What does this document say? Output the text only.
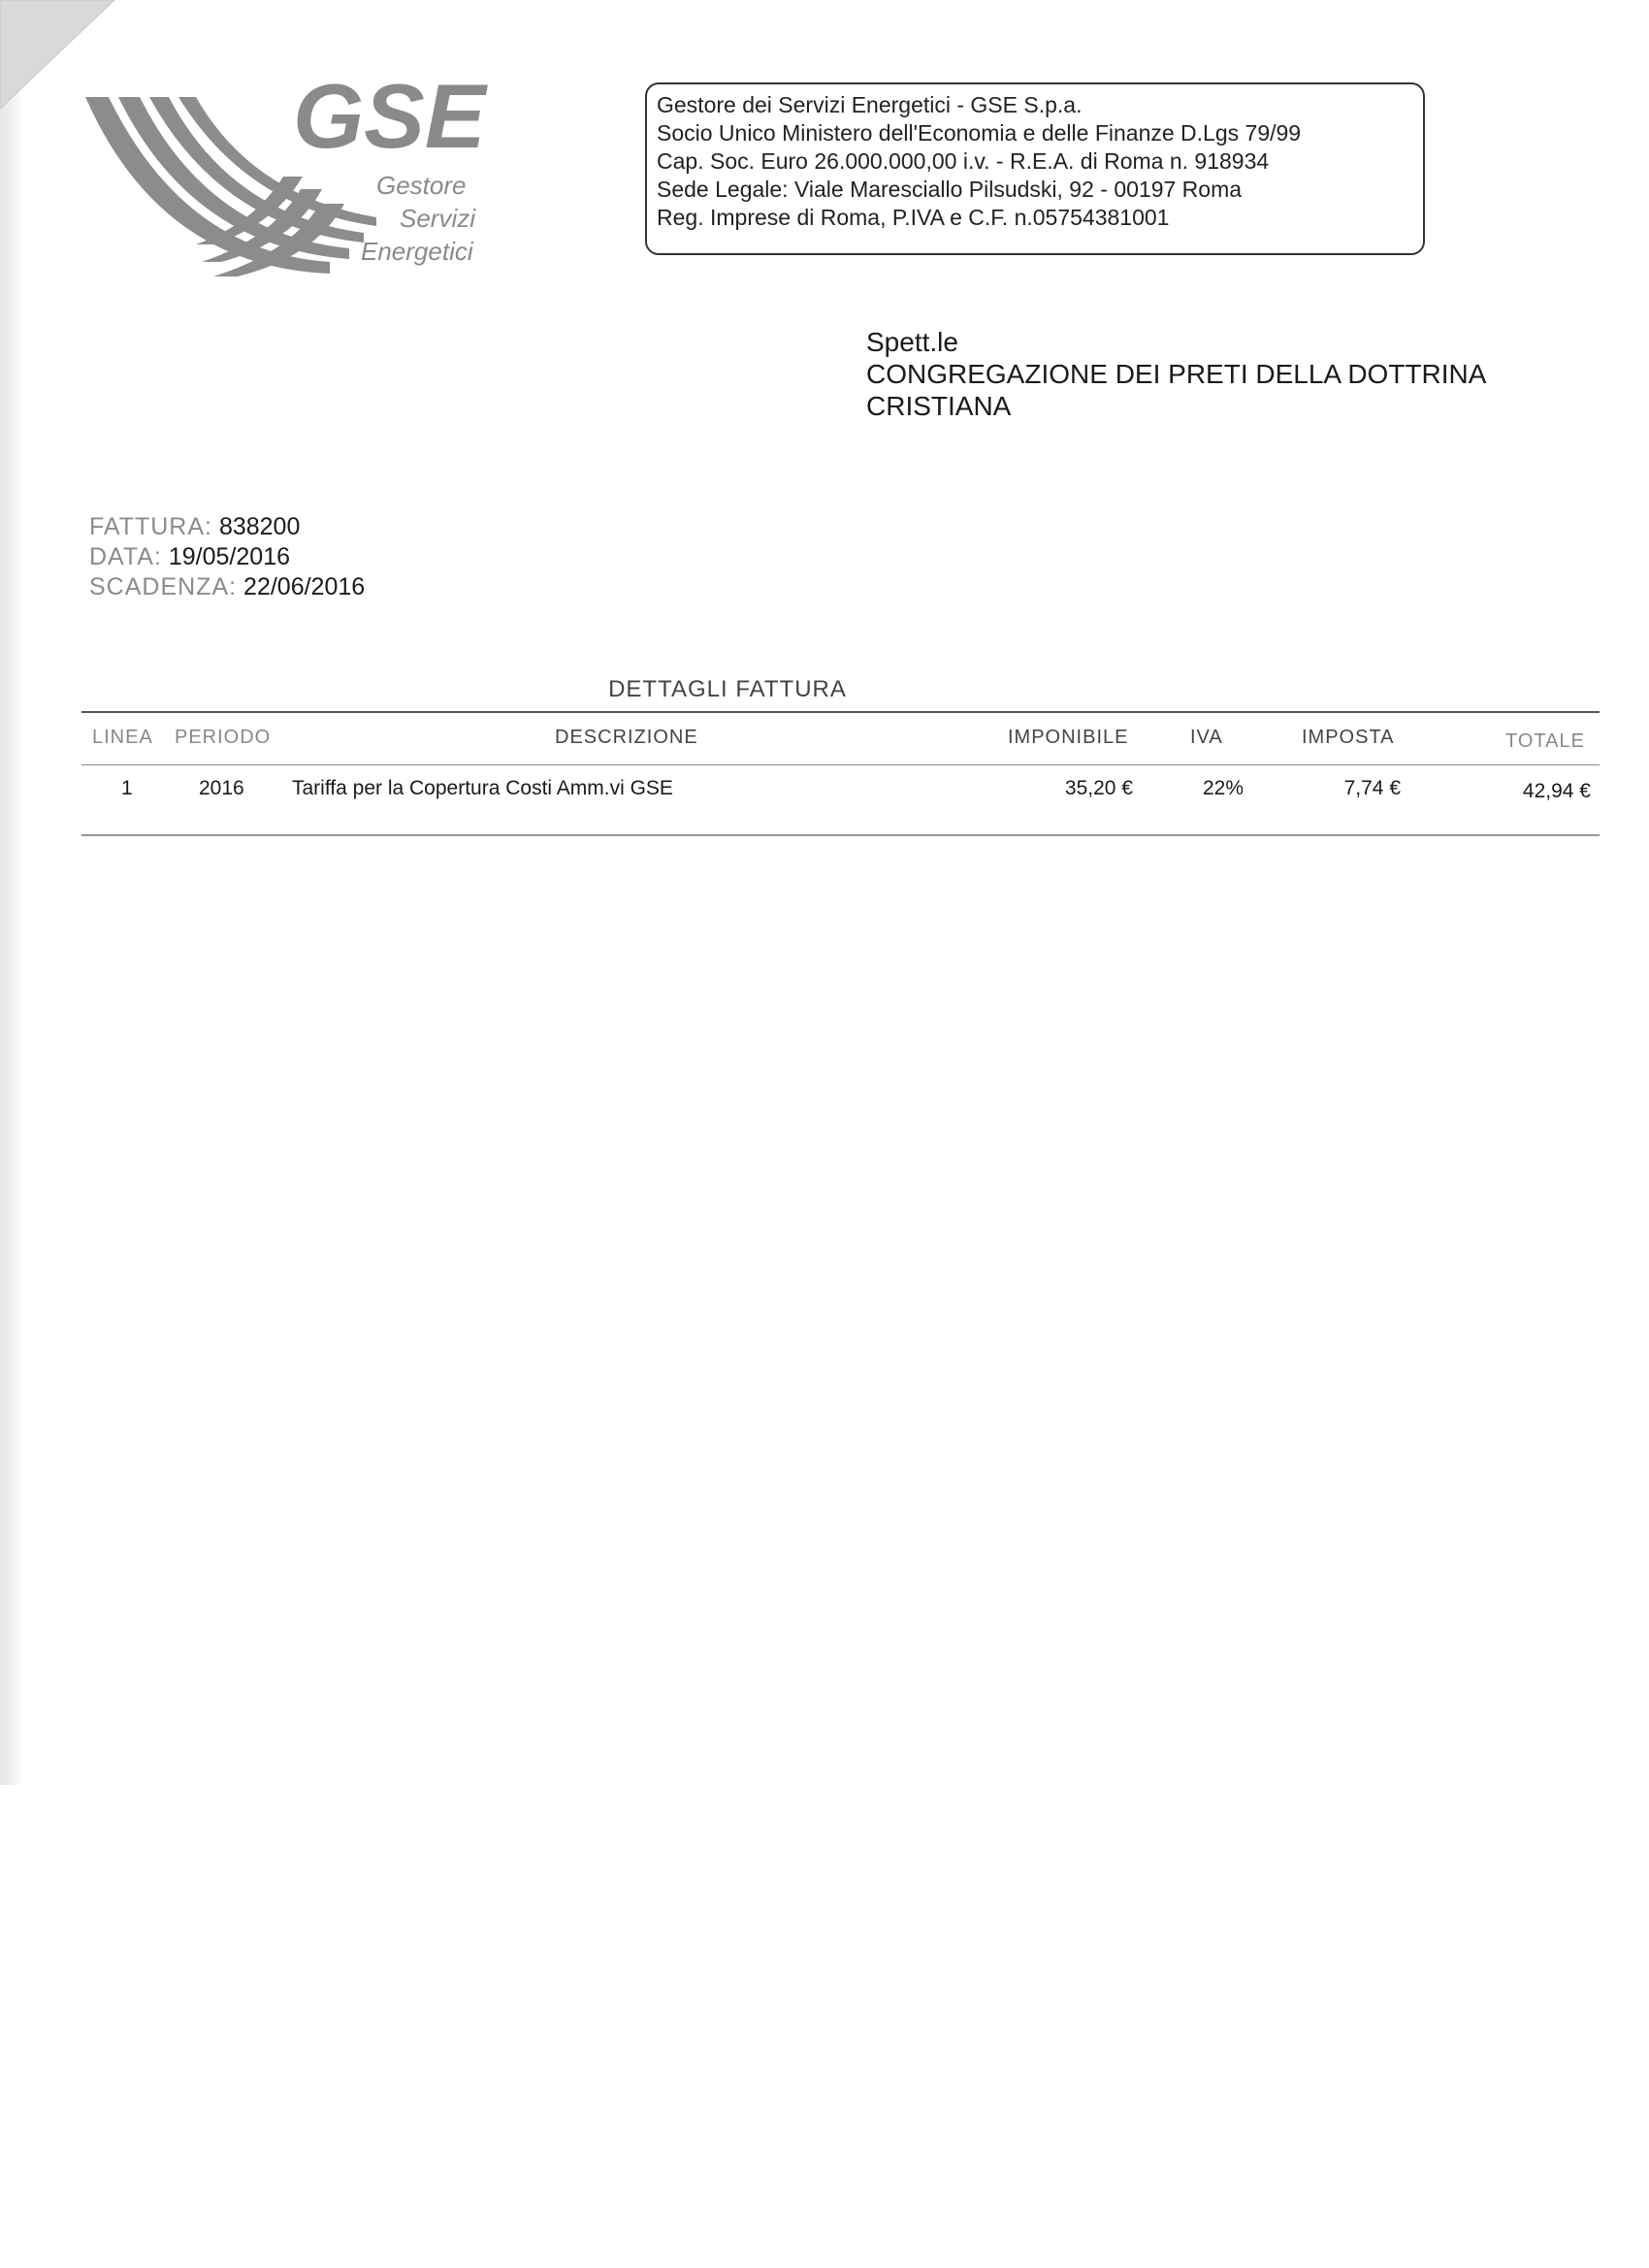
GSE
Gestore
Servizi
Energetici
Gestore dei Servizi Energetici - GSE S.p.a.
Socio Unico Ministero dell'Economia e delle Finanze D.Lgs 79/99
Cap. Soc. Euro 26.000.000,00 i.v. - R.E.A. di Roma n. 918934
Sede Legale: Viale Maresciallo Pilsudski, 92 - 00197 Roma
Reg. Imprese di Roma, P.IVA e C.F. n.05754381001
Spett.le
CONGREGAZIONE DEI PRETI DELLA DOTTRINA
CRISTIANA
FATTURA: 838200
DATA: 19/05/2016
SCADENZA: 22/06/2016
DETTAGLI FATTURA
LINEA PERIODO	DESCRIZIONE	IMPONIBILE	IVA	IMPOSTA	TOTALE
1	2016 Tariffa per la Copertura Costi Amm.vi GSE	35,20 €	22%	7,74 €	42,94 €
